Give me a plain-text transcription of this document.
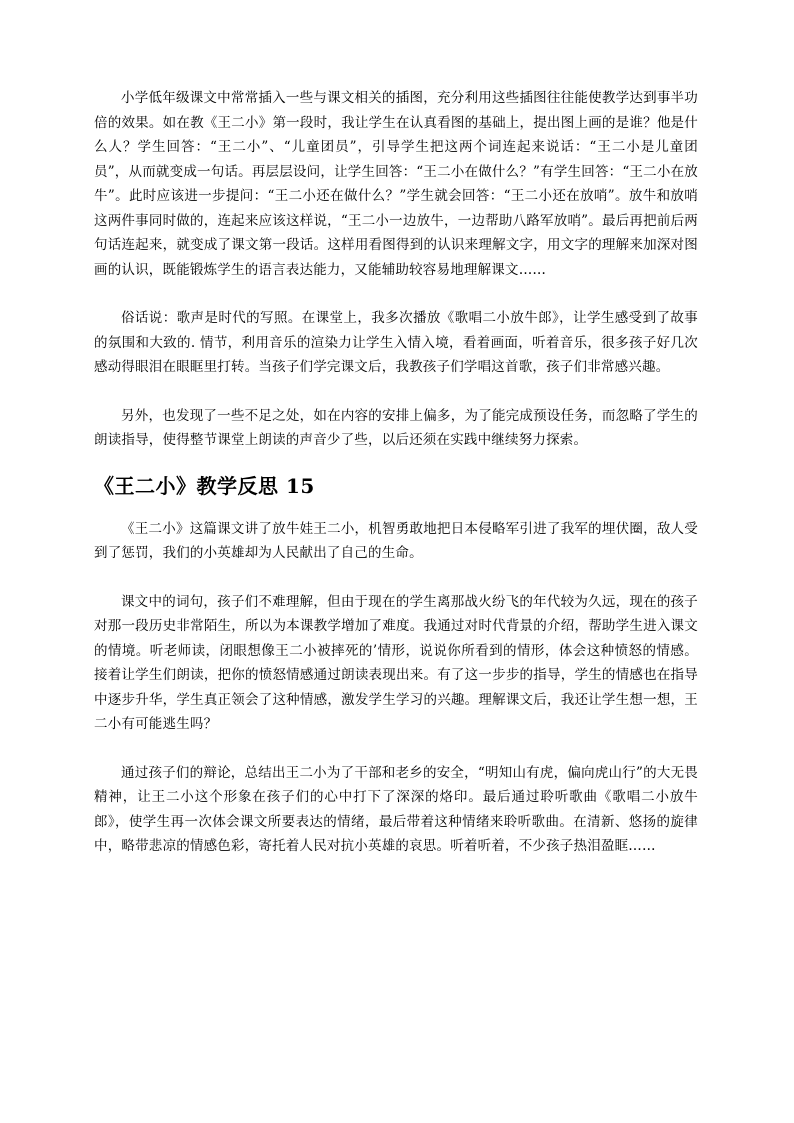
小学低年级课文中常常插入一些与课文相关的插图，充分利用这些插图往往能使教学达到事半功倍的效果。如在教《王二小》第一段时，我让学生在认真看图的基础上，提出图上画的是谁？他是什么人？学生回答：“王二小”、“儿童团员”，引导学生把这两个词连起来说话：“王二小是儿童团员”，从而就变成一句话。再层层设问，让学生回答：“王二小在做什么？”有学生回答：“王二小在放牛”。此时应该进一步提问：“王二小还在做什么？”学生就会回答：“王二小还在放哨”。放牛和放哨这两件事同时做的，连起来应该这样说，“王二小一边放牛，一边帮助八路军放哨”。最后再把前后两句话连起来，就变成了课文第一段话。这样用看图得到的认识来理解文字，用文字的理解来加深对图画的认识，既能锻炼学生的语言表达能力，又能辅助较容易地理解课文……

俗话说：歌声是时代的写照。在课堂上，我多次播放《歌唱二小放牛郎》，让学生感受到了故事的氛围和大致的. 情节，利用音乐的渲染力让学生入情入境，看着画面，听着音乐，很多孩子好几次感动得眼泪在眼眶里打转。当孩子们学完课文后，我教孩子们学唱这首歌，孩子们非常感兴趣。

另外，也发现了一些不足之处，如在内容的安排上偏多，为了能完成预设任务，而忽略了学生的朗读指导，使得整节课堂上朗读的声音少了些，以后还须在实践中继续努力探索。

《王二小》教学反思 15

《王二小》这篇课文讲了放牛娃王二小，机智勇敢地把日本侵略军引进了我军的埋伏圈，敌人受到了惩罚，我们的小英雄却为人民献出了自己的生命。

课文中的词句，孩子们不难理解，但由于现在的学生离那战火纷飞的年代较为久远，现在的孩子对那一段历史非常陌生，所以为本课教学增加了难度。我通过对时代背景的介绍，帮助学生进入课文的情境。听老师读，闭眼想像王二小被摔死的’情形，说说你所看到的情形，体会这种愤怒的情感。接着让学生们朗读，把你的愤怒情感通过朗读表现出来。有了这一步步的指导，学生的情感也在指导中逐步升华，学生真正领会了这种情感，激发学生学习的兴趣。理解课文后，我还让学生想一想，王二小有可能逃生吗？

通过孩子们的辩论，总结出王二小为了干部和老乡的安全，“明知山有虎，偏向虎山行”的大无畏精神，让王二小这个形象在孩子们的心中打下了深深的烙印。最后通过聆听歌曲《歌唱二小放牛郎》，使学生再一次体会课文所要表达的情绪，最后带着这种情绪来聆听歌曲。在清新、悠扬的旋律中，略带悲凉的情感色彩，寄托着人民对抗小英雄的哀思。听着听着，不少孩子热泪盈眶……
